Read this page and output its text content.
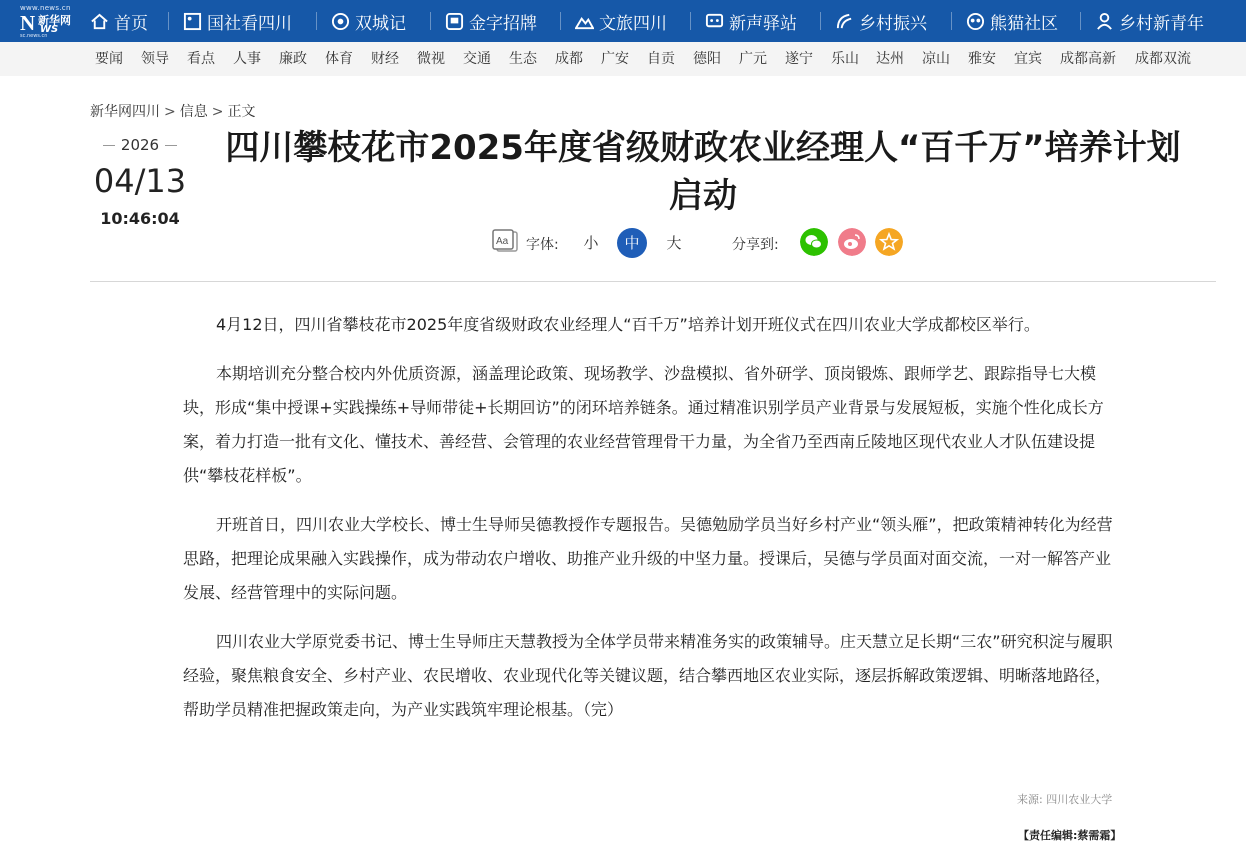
www.news.cn
N 新华网
WS
sc.news.cn
首页	国社看四川	双城记	金字招牌	文旅四川	新声驿站	乡村振兴	熊猫社区	乡村新青年
要闻 领导 看点 人事 廉政 体育 财经 微视 交通 生态 成都 广安 自贡 德阳 广元 遂宁 乐山 达州 凉山 雅安 宜宾 成都高新 成都双流
新华网四川 > 信息 > 正文
2026
04/13
10:46:04
四川攀枝花市2025年度省级财政农业经理人“百千万”培养计划启动
Aa 字体:	小	中	大	分享到:

4月12日，四川省攀枝花市2025年度省级财政农业经理人“百千万”培养计划开班仪式在四川农业大学成都校区举行。

本期培训充分整合校内外优质资源，涵盖理论政策、现场教学、沙盘模拟、省外研学、顶岗锻炼、跟师学艺、跟踪指导七大模块，形成“集中授课+实践操练+导师带徒+长期回访”的闭环培养链条。通过精准识别学员产业背景与发展短板，实施个性化成长方案，着力打造一批有文化、懂技术、善经营、会管理的农业经营管理骨干力量，为全省乃至西南丘陵地区现代农业人才队伍建设提供“攀枝花样板”。

开班首日，四川农业大学校长、博士生导师吴德教授作专题报告。吴德勉励学员当好乡村产业“领头雁”，把政策精神转化为经营思路，把理论成果融入实践操作，成为带动农户增收、助推产业升级的中坚力量。授课后，吴德与学员面对面交流，一对一解答产业发展、经营管理中的实际问题。

四川农业大学原党委书记、博士生导师庄天慧教授为全体学员带来精准务实的政策辅导。庄天慧立足长期“三农”研究积淀与履职经验，聚焦粮食安全、乡村产业、农民增收、农业现代化等关键议题，结合攀西地区农业实际，逐层拆解政策逻辑、明晰落地路径，帮助学员精准把握政策走向，为产业实践筑牢理论根基。（完）

来源: 四川农业大学
【责任编辑:蔡需霜】
